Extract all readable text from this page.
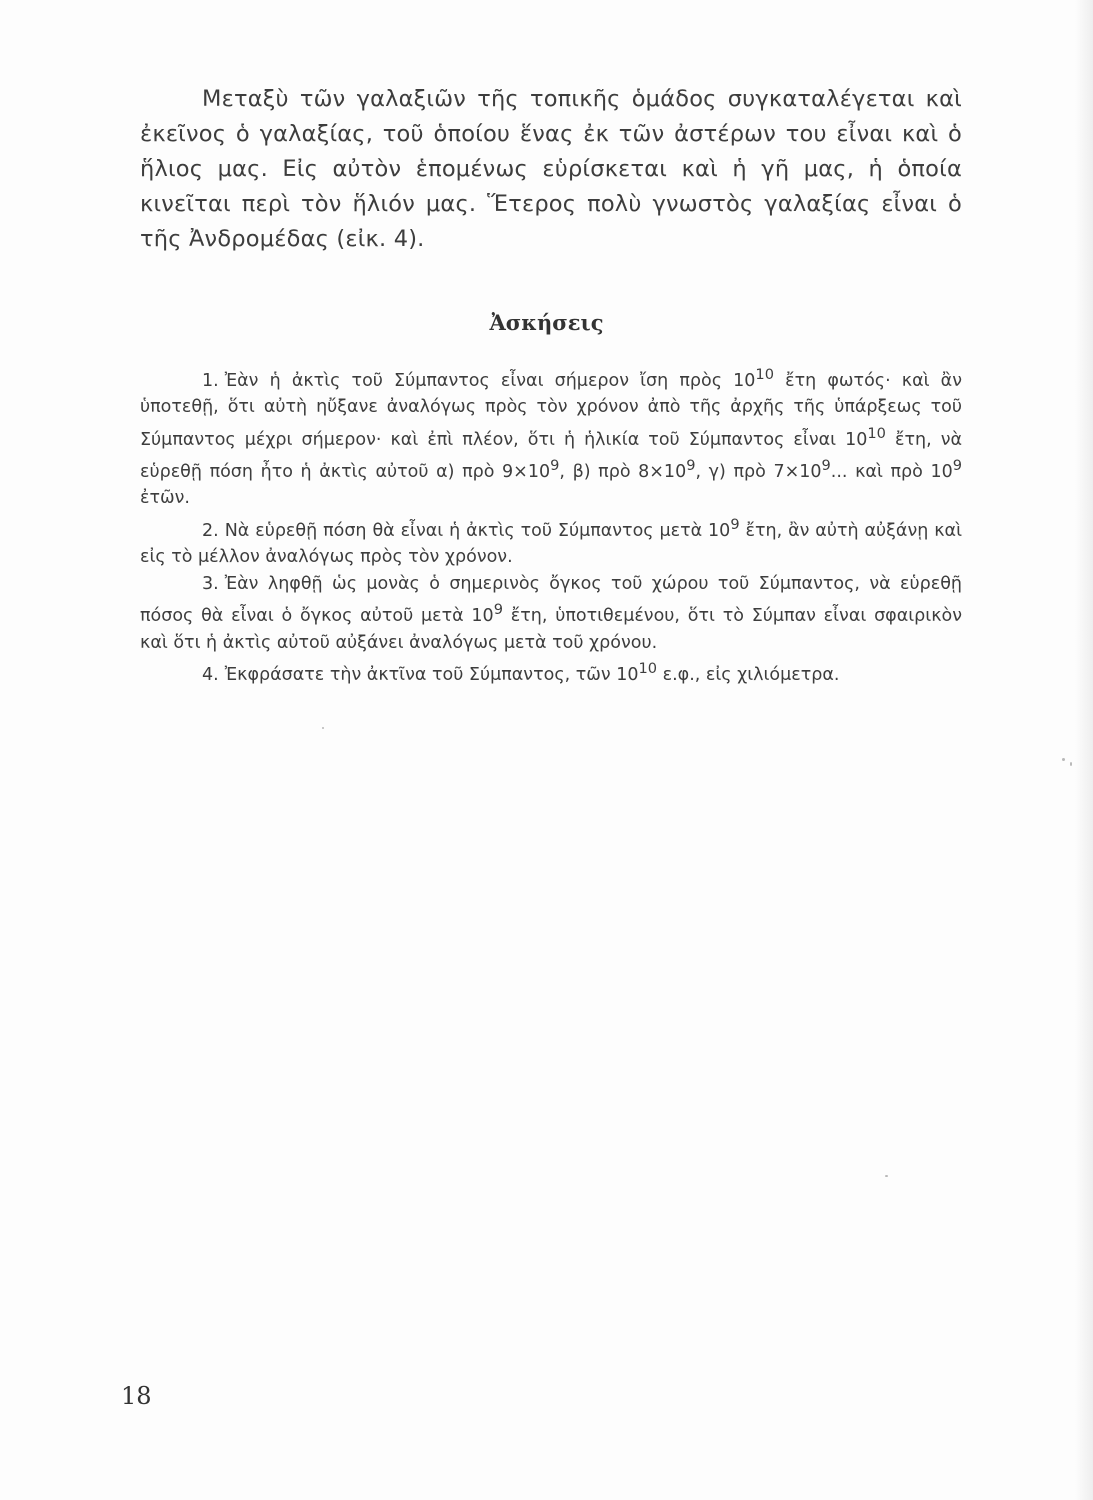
Μεταξὺ τῶν γαλαξιῶν τῆς τοπικῆς ὁμάδος συγκαταλέγεται καὶ ἐκεῖνος ὁ γαλαξίας, τοῦ ὁποίου ἕνας ἐκ τῶν ἀστέρων του εἶναι καὶ ὁ ἥλιος μας. Εἰς αὐτὸν ἑπομένως εὑρίσκεται καὶ ἡ γῆ μας, ἡ ὁποία κινεῖται περὶ τὸν ἥλιόν μας. Ἕτερος πολὺ γνωστὸς γαλαξίας εἶναι ὁ τῆς Ἀνδρομέδας (εἰκ. 4).

Ἀσκήσεις

1. Ἐὰν ἡ ἀκτὶς τοῦ Σύμπαντος εἶναι σήμερον ἴση πρὸς $10^{10}$ ἔτη φωτός· καὶ ἂν ὑποτεθῇ, ὅτι αὐτὴ ηὔξανε ἀναλόγως πρὸς τὸν χρόνον ἀπὸ τῆς ἀρχῆς τῆς ὑπάρξεως τοῦ Σύμπαντος μέχρι σήμερον· καὶ ἐπὶ πλέον, ὅτι ἡ ἡλικία τοῦ Σύμπαντος εἶναι $10^{10}$ ἔτη, νὰ εὑρεθῇ πόση ἦτο ἡ ἀκτὶς αὐτοῦ α) πρὸ $9\times 10^9$, β) πρὸ $8\times 10^9$, γ) πρὸ $7\times 10^9$... καὶ πρὸ $10^9$ ἐτῶν.

2. Νὰ εὑρεθῇ πόση θὰ εἶναι ἡ ἀκτὶς τοῦ Σύμπαντος μετὰ $10^9$ ἔτη, ἂν αὐτὴ αὐξάνῃ καὶ εἰς τὸ μέλλον ἀναλόγως πρὸς τὸν χρόνον.

3. Ἐὰν ληφθῇ ὡς μονὰς ὁ σημερινὸς ὄγκος τοῦ χώρου τοῦ Σύμπαντος, νὰ εὑρεθῇ πόσος θὰ εἶναι ὁ ὄγκος αὐτοῦ μετὰ $10^9$ ἔτη, ὑποτιθεμένου, ὅτι τὸ Σύμπαν εἶναι σφαιρικὸν καὶ ὅτι ἡ ἀκτὶς αὐτοῦ αὐξάνει ἀναλόγως μετὰ τοῦ χρόνου.

4. Ἐκφράσατε τὴν ἀκτῖνα τοῦ Σύμπαντος, τῶν $10^{10}$ ε.φ., εἰς χιλιόμετρα.

18
